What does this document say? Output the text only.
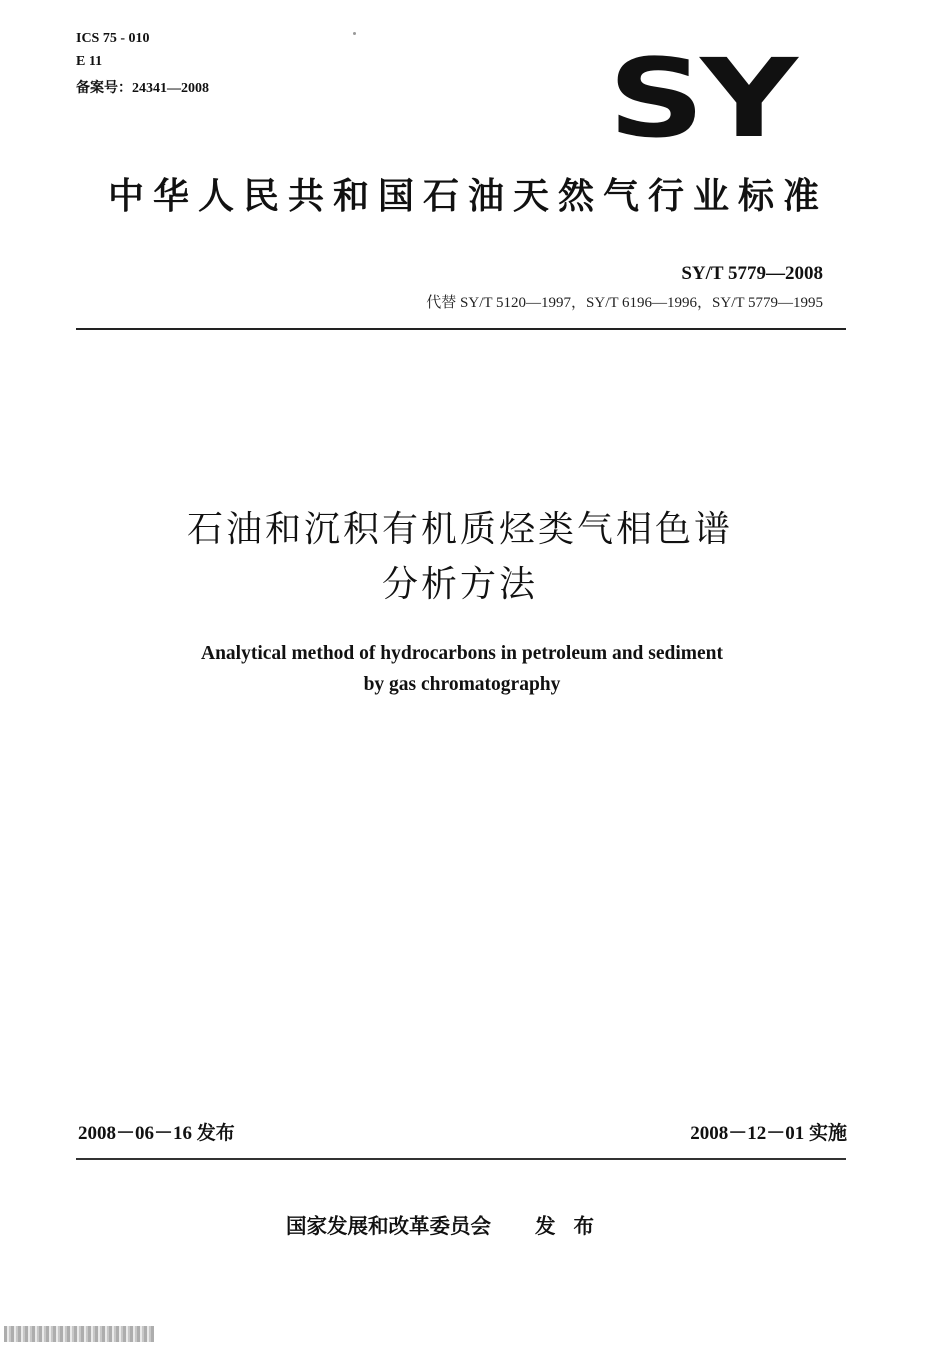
ICS 75 - 010
E 11
备案号：24341—2008	SY
中华人民共和国石油天然气行业标准
SY/T 5779—2008
代替 SY/T 5120—1997，SY/T 6196—1996，SY/T 5779—1995
石油和沉积有机质烃类气相色谱
分析方法
Analytical method of hydrocarbons in petroleum and sediment
by gas chromatography
2008－06－16 发布	2008－12－01 实施
国家发展和改革委员会 发布
